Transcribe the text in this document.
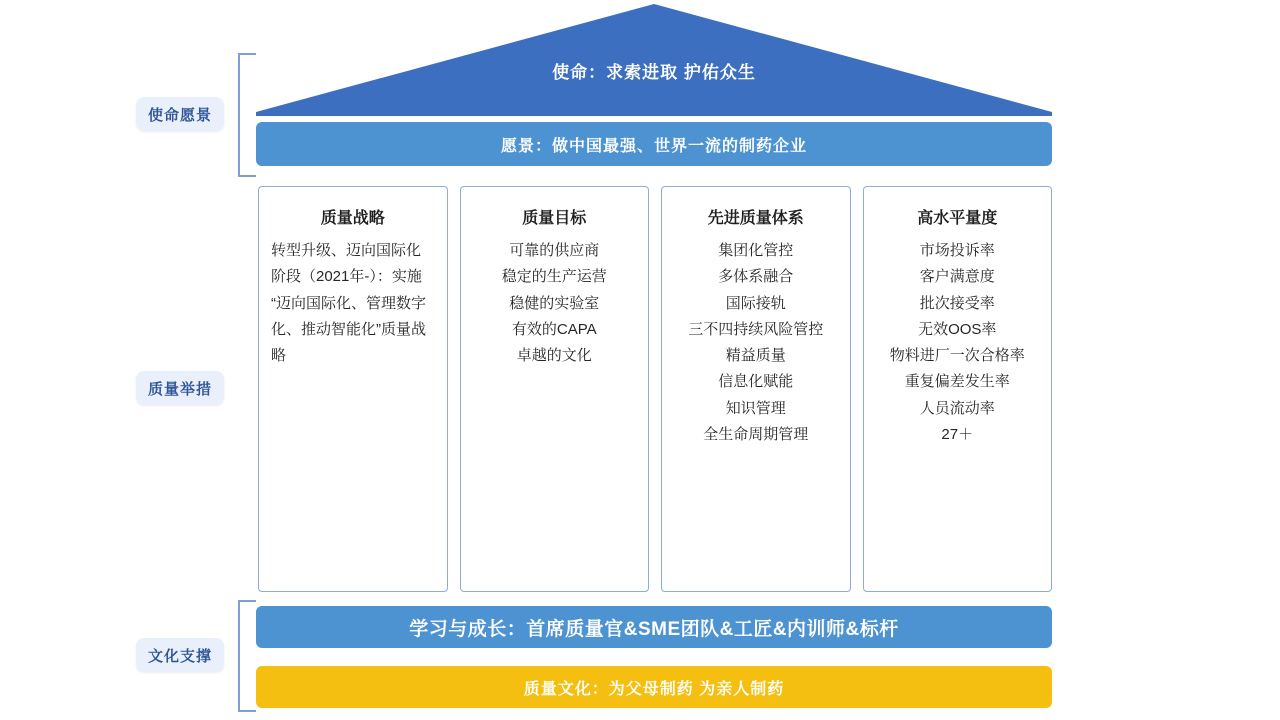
使命愿景
使命：求索进取 护佑众生
愿景：做中国最强、世界一流的制药企业
质量战略
转型升级、迈向国际化阶段（2021年-）：实施“迈向国际化、管理数字化、推动智能化”质量战略
质量目标
可靠的供应商
稳定的生产运营
稳健的实验室
有效的CAPA
卓越的文化
先进质量体系
集团化管控
多体系融合
国际接轨
三不四持续风险管控
精益质量
信息化赋能
知识管理
全生命周期管理
高水平量度
市场投诉率
客户满意度
批次接受率
无效OOS率
物料进厂一次合格率
重复偏差发生率
人员流动率
27＋
学习与成长：首席质量官&SME团队&工匠&内训师&标杆
质量文化：为父母制药 为亲人制药
质量举措
文化支撑
